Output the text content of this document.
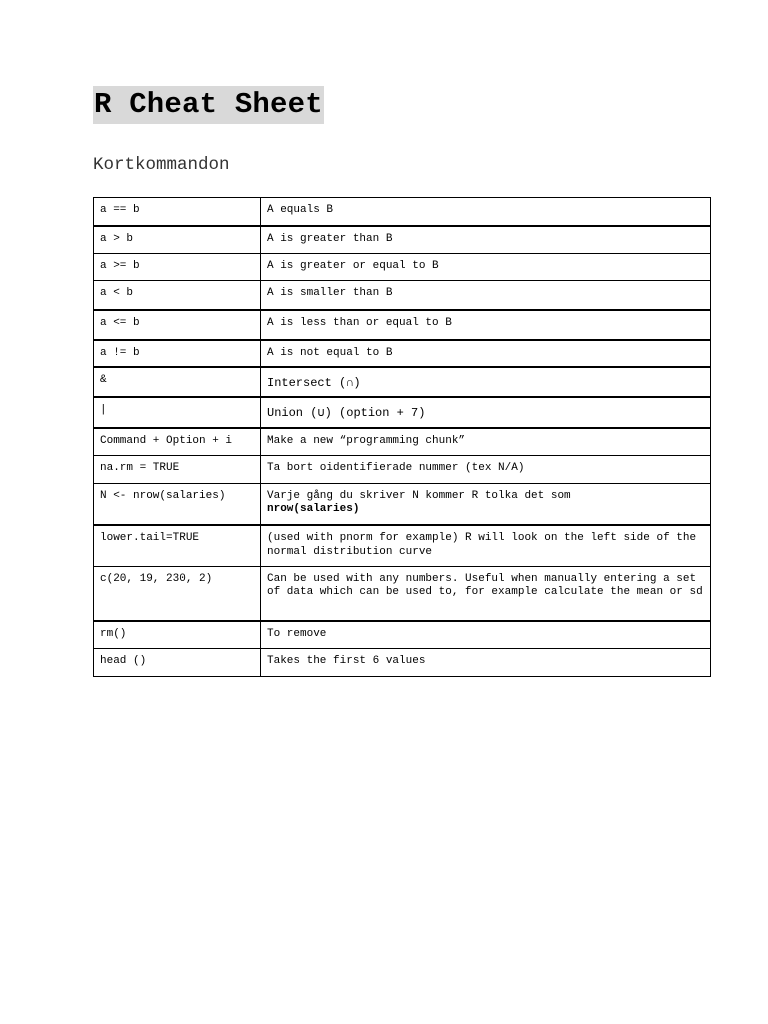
R Cheat Sheet
Kortkommandon
a == b	A equals B
a > b	A is greater than B
a >= b	A is greater or equal to B
a < b	A is smaller than B
a <= b	A is less than or equal to B
a != b	A is not equal to B
&	Intersect (∩)
|	Union (∪) (option + 7)
Command + Option + i	Make a new “programming chunk”
na.rm = TRUE	Ta bort oidentifierade nummer (tex N/A)
N <- nrow(salaries)	Varje gång du skriver N kommer R tolka det som
nrow(salaries)
lower.tail=TRUE	(used with pnorm for example) R will look on the left side of the normal distribution curve
c(20, 19, 230, 2)	Can be used with any numbers. Useful when manually entering a set of data which can be used to, for example calculate the mean or sd
rm()	To remove
head ()	Takes the first 6 values
